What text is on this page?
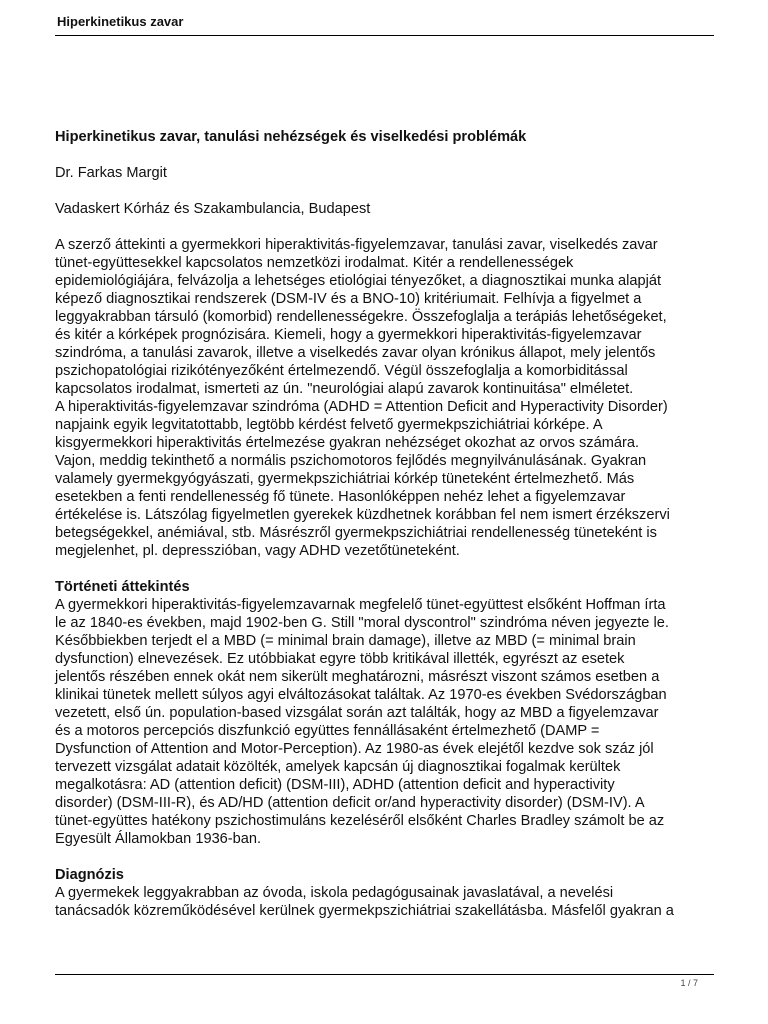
Hiperkinetikus zavar

Hiperkinetikus zavar, tanulási nehézségek és viselkedési problémák

Dr. Farkas Margit

Vadaskert Kórház és Szakambulancia, Budapest

A szerző áttekinti a gyermekkori hiperaktivitás-figyelemzavar, tanulási zavar, viselkedés zavar
tünet-együttesekkel kapcsolatos nemzetközi irodalmat. Kitér a rendellenességek
epidemiológiájára, felvázolja a lehetséges etiológiai tényezőket, a diagnosztikai munka alapját
képező diagnosztikai rendszerek (DSM-IV és a BNO-10) kritériumait. Felhívja a figyelmet a
leggyakrabban társuló (komorbid) rendellenességekre. Összefoglalja a terápiás lehetőségeket,
és kitér a kórképek prognózisára. Kiemeli, hogy a gyermekkori hiperaktivitás-figyelemzavar
szindróma, a tanulási zavarok, illetve a viselkedés zavar olyan krónikus állapot, mely jelentős
pszichopatológiai rizikótényezőként értelmezendő. Végül összefoglalja a komorbiditással
kapcsolatos irodalmat, ismerteti az ún. "neurológiai alapú zavarok kontinuitása" elméletet.
A hiperaktivitás-figyelemzavar szindróma (ADHD = Attention Deficit and Hyperactivity Disorder)
napjaink egyik legvitatottabb, legtöbb kérdést felvető gyermekpszichiátriai kórképe. A
kisgyermekkori hiperaktivitás értelmezése gyakran nehézséget okozhat az orvos számára.
Vajon, meddig tekinthető a normális pszichomotoros fejlődés megnyilvánulásának. Gyakran
valamely gyermekgyógyászati, gyermekpszichiátriai kórkép tüneteként értelmezhető. Más
esetekben a fenti rendellenesség fő tünete. Hasonlóképpen nehéz lehet a figyelemzavar
értékelése is. Látszólag figyelmetlen gyerekek küzdhetnek korábban fel nem ismert érzékszervi
betegségekkel, anémiával, stb. Másrészről gyermekpszichiátriai rendellenesség tüneteként is
megjelenhet, pl. depresszióban, vagy ADHD vezetőtüneteként.

Történeti áttekintés

A gyermekkori hiperaktivitás-figyelemzavarnak megfelelő tünet-együttest elsőként Hoffman írta
le az 1840-es években, majd 1902-ben G. Still "moral dyscontrol" szindróma néven jegyezte le.
Későbbiekben terjedt el a MBD (= minimal brain damage), illetve az MBD (= minimal brain
dysfunction) elnevezések. Ez utóbbiakat egyre több kritikával illették, egyrészt az esetek
jelentős részében ennek okát nem sikerült meghatározni, másrészt viszont számos esetben a
klinikai tünetek mellett súlyos agyi elváltozásokat találtak. Az 1970-es években Svédországban
vezetett, első ún. population-based vizsgálat során azt találták, hogy az MBD a figyelemzavar
és a motoros percepciós diszfunkció együttes fennállásaként értelmezhető (DAMP =
Dysfunction of Attention and Motor-Perception). Az 1980-as évek elejétől kezdve sok száz jól
tervezett vizsgálat adatait közölték, amelyek kapcsán új diagnosztikai fogalmak kerültek
megalkotásra: AD (attention deficit) (DSM-III), ADHD (attention deficit and hyperactivity
disorder) (DSM-III-R), és AD/HD (attention deficit or/and hyperactivity disorder) (DSM-IV). A
tünet-együttes hatékony pszichostimuláns kezeléséről elsőként Charles Bradley számolt be az
Egyesült Államokban 1936-ban.

Diagnózis

A gyermekek leggyakrabban az óvoda, iskola pedagógusainak javaslatával, a nevelési
tanácsadók közreműködésével kerülnek gyermekpszichiátriai szakellátásba. Másfelől gyakran a
1 / 7
